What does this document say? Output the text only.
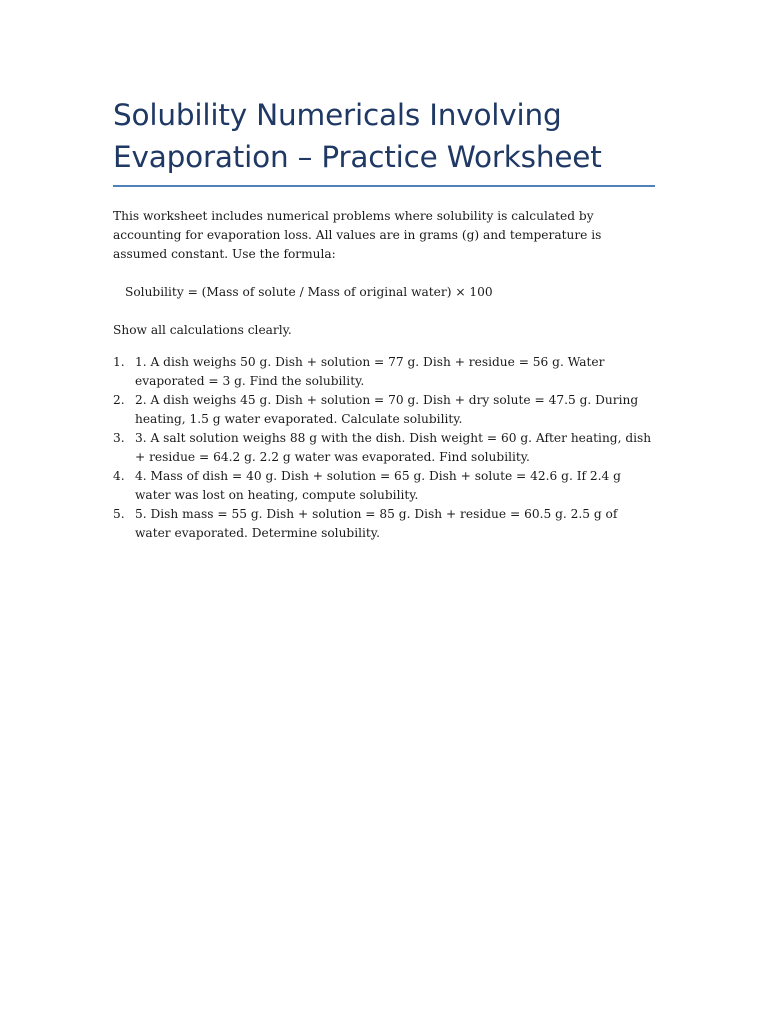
Solubility Numericals Involving
Evaporation – Practice Worksheet

This worksheet includes numerical problems where solubility is calculated by accounting for evaporation loss. All values are in grams (g) and temperature is assumed constant. Use the formula:

Solubility = (Mass of solute / Mass of original water) × 100
Show all calculations clearly.
1. 1. A dish weighs 50 g. Dish + solution = 77 g. Dish + residue = 56 g. Water evaporated = 3 g. Find the solubility.
2. 2. A dish weighs 45 g. Dish + solution = 70 g. Dish + dry solute = 47.5 g. During heating, 1.5 g water evaporated. Calculate solubility.
3. 3. A salt solution weighs 88 g with the dish. Dish weight = 60 g. After heating, dish + residue = 64.2 g. 2.2 g water was evaporated. Find solubility.
4. 4. Mass of dish = 40 g. Dish + solution = 65 g. Dish + solute = 42.6 g. If 2.4 g water was lost on heating, compute solubility.
5. 5. Dish mass = 55 g. Dish + solution = 85 g. Dish + residue = 60.5 g. 2.5 g of water evaporated. Determine solubility.
